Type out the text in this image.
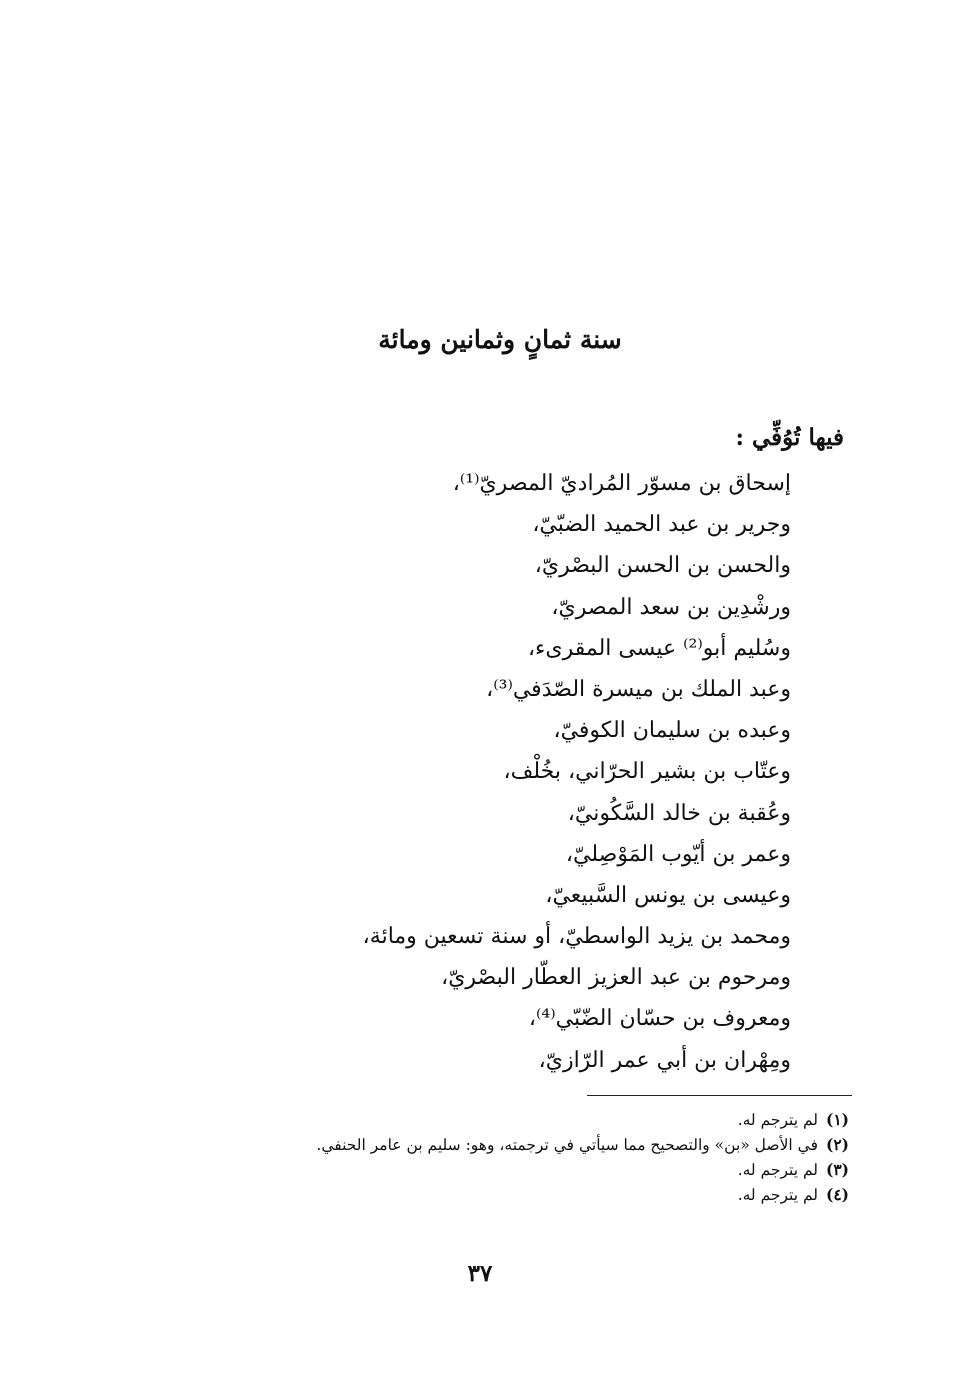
سنة ثمانٍ وثمانين ومائة
فيها تُوُفِّي :
إسحاق بن مسوّر المُراديّ المصريّ⁽¹⁾،
وجرير بن عبد الحميد الضبّيّ،
والحسن بن الحسن البصْريّ،
ورشْدِين بن سعد المصريّ،
وسُليم أبو⁽²⁾ عيسى المقرىء،
وعبد الملك بن ميسرة الصّدَفي⁽³⁾،
وعبده بن سليمان الكوفيّ،
وعتّاب بن بشير الحرّاني، بخُلْف،
وعُقبة بن خالد السَّكُونيّ،
وعمر بن أيّوب المَوْصِليّ،
وعيسى بن يونس السَّبيعيّ،
ومحمد بن يزيد الواسطيّ، أو سنة تسعين ومائة،
ومرحوم بن عبد العزيز العطّار البصْريّ،
ومعروف بن حسّان الضّبّي⁽⁴⁾،
ومِهْران بن أبي عمر الرّازيّ،
(١)لم يترجم له.
(٢)في الأصل «بن» والتصحيح مما سيأتي في ترجمته، وهو: سليم بن عامر الحنفي.
(٣)لم يترجم له.
(٤)لم يترجم له.
٣٧
